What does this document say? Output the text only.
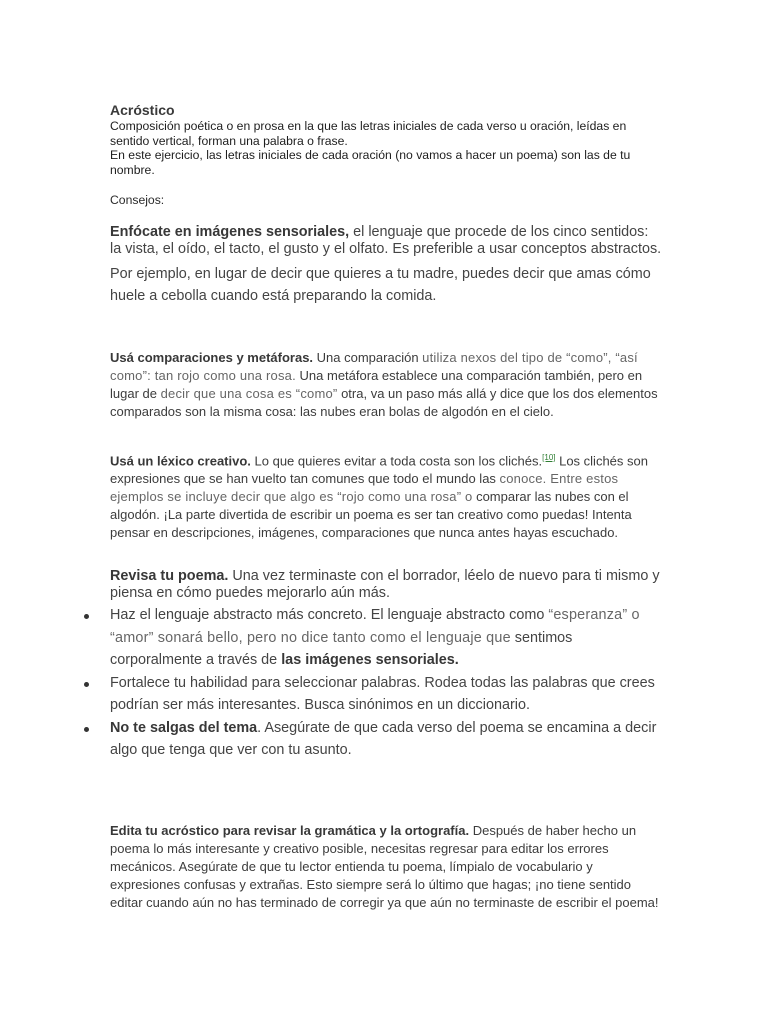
Acróstico

Composición poética o en prosa en la que las letras iniciales de cada verso u oración, leídas en sentido vertical, forman una palabra o frase.
En este ejercicio, las letras iniciales de cada oración (no vamos a hacer un poema) son las de tu nombre.

Consejos:

Enfócate en imágenes sensoriales, el lenguaje que procede de los cinco sentidos: la vista, el oído, el tacto, el gusto y el olfato. Es preferible a usar conceptos abstractos.

Por ejemplo, en lugar de decir que quieres a tu madre, puedes decir que amas cómo huele a cebolla cuando está preparando la comida.

Usá comparaciones y metáforas. Una comparación utiliza nexos del tipo de “como”, “así como”: tan rojo como una rosa. Una metáfora establece una comparación también, pero en lugar de decir que una cosa es “como” otra, va un paso más allá y dice que los dos elementos comparados son la misma cosa: las nubes eran bolas de algodón en el cielo.
Usá un léxico creativo. Lo que quieres evitar a toda costa son los clichés.[10] Los clichés son expresiones que se han vuelto tan comunes que todo el mundo las conoce. Entre estos ejemplos se incluye decir que algo es “rojo como una rosa” o comparar las nubes con el algodón. ¡La parte divertida de escribir un poema es ser tan creativo como puedas! Intenta pensar en descripciones, imágenes, comparaciones que nunca antes hayas escuchado.
Revisa tu poema. Una vez terminaste con el borrador, léelo de nuevo para ti mismo y piensa en cómo puedes mejorarlo aún más.
Haz el lenguaje abstracto más concreto. El lenguaje abstracto como “esperanza” o “amor” sonará bello, pero no dice tanto como el lenguaje que sentimos corporalmente a través de las imágenes sensoriales.
Fortalece tu habilidad para seleccionar palabras. Rodea todas las palabras que crees podrían ser más interesantes. Busca sinónimos en un diccionario.
No te salgas del tema. Asegúrate de que cada verso del poema se encamina a decir algo que tenga que ver con tu asunto.
Edita tu acróstico para revisar la gramática y la ortografía. Después de haber hecho un poema lo más interesante y creativo posible, necesitas regresar para editar los errores mecánicos. Asegúrate de que tu lector entienda tu poema, límpialo de vocabulario y expresiones confusas y extrañas. Esto siempre será lo último que hagas; ¡no tiene sentido editar cuando aún no has terminado de corregir ya que aún no terminaste de escribir el poema!
